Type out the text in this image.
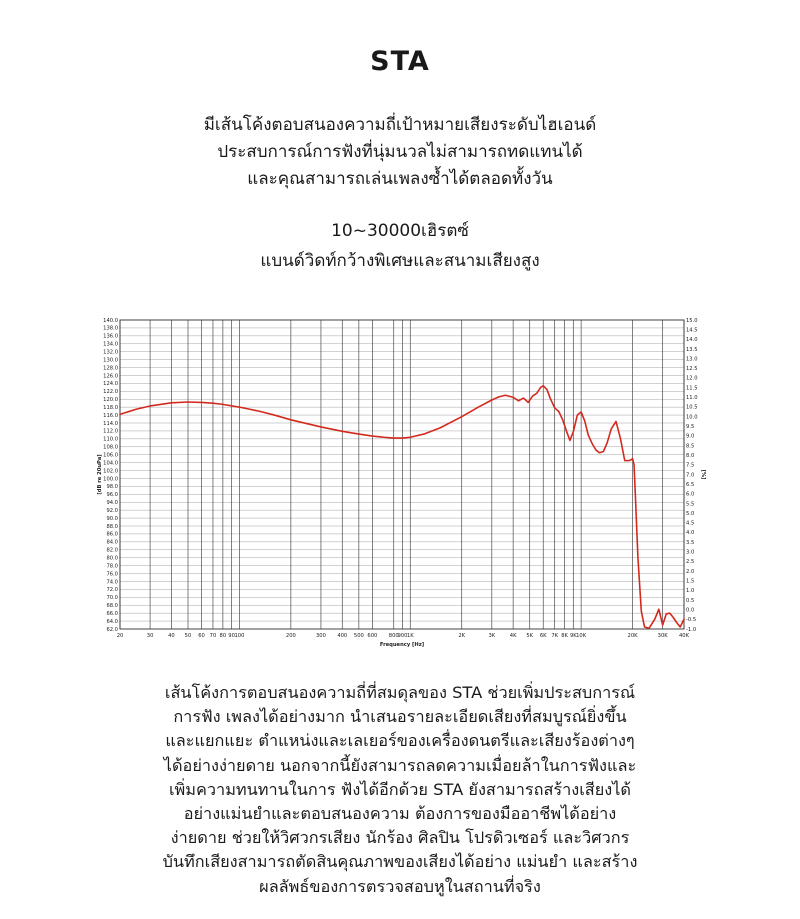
STA
มีเส้นโค้งตอบสนองความถี่เป้าหมายเสียงระดับไฮเอนด์
ประสบการณ์การฟังที่นุ่มนวลไม่สามารถทดแทนได้
และคุณสามารถเล่นเพลงซ้ำได้ตลอดทั้งวัน
10~30000เฮิรตซ์
แบนด์วิดท์กว้างพิเศษและสนามเสียงสูง
140.0
138.0
136.0
134.0
132.0
130.0
128.0
126.0
124.0
122.0
120.0
118.0
116.0
114.0
112.0
110.0
108.0
106.0
104.0
102.0
100.0
98.0
96.0
94.0
92.0
90.0
88.0
86.0
84.0
82.0
80.0
78.0
76.0
74.0
72.0
70.0
68.0
66.0
64.0
62.0
15.0
14.5
14.0
13.5
13.0
12.5
12.0
11.5
11.0
10.5
10.0
9.5
9.0
8.5
8.0
7.5
7.0
6.5
6.0
5.5
5.0
4.5
4.0
3.5
3.0
2.5
2.0
1.5
1.0
0.5
0.0
-0.5
-1.0
20	30	40 50 60 70 80 90 100	200	300 400 500 600 800
900 1K	2K	3K	4K 5K 6K 7K 8K 9K 10K	20K	30K 40K
Frequency [Hz]
[dB re 20uPa]	[%]
เส้นโค้งการตอบสนองความถี่ที่สมดุลของ STA ช่วยเพิ่มประสบการณ์
การฟัง เพลงได้อย่างมาก นำเสนอรายละเอียดเสียงที่สมบูรณ์ยิ่งขึ้น
และแยกแยะ ตำแหน่งและเลเยอร์ของเครื่องดนตรีและเสียงร้องต่างๆ
ได้อย่างง่ายดาย นอกจากนี้ยังสามารถลดความเมื่อยล้าในการฟังและ
เพิ่มความทนทานในการ ฟังได้อีกด้วย STA ยังสามารถสร้างเสียงได้
อย่างแม่นยำและตอบสนองความ ต้องการของมืออาชีพได้อย่าง
ง่ายดาย ช่วยให้วิศวกรเสียง นักร้อง ศิลปิน โปรดิวเซอร์ และวิศวกร
บันทึกเสียงสามารถตัดสินคุณภาพของเสียงได้อย่าง แม่นยำ และสร้าง
ผลลัพธ์ของการตรวจสอบหูในสถานที่จริง
